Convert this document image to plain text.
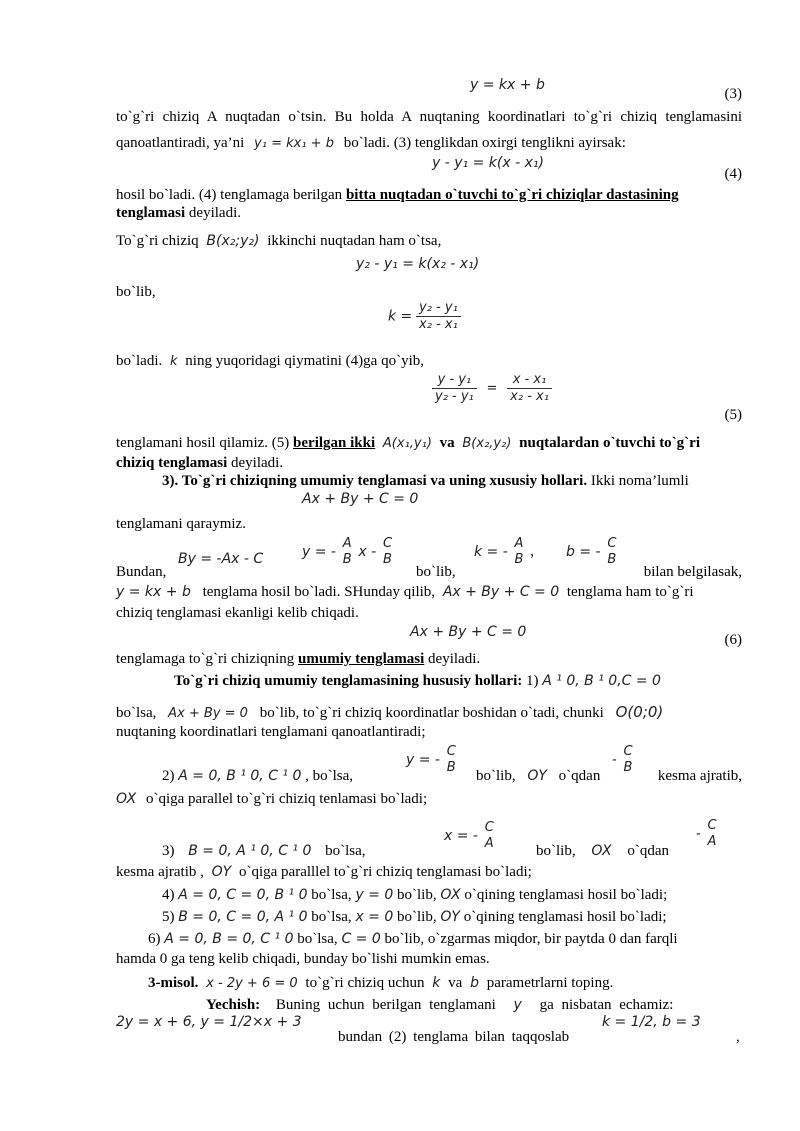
y = kx + b
(3)
to`g`ri chiziq A nuqtadan o`tsin. Bu holda A nuqtaning koordinatlari to`g`ri chiziq tenglamasini
qanoatlantiradi, ya’ni y₁ = kx₁ + b bo`ladi. (3) tenglikdan oxirgi tenglikni ayirsak:
y - y₁ = k(x - x₁)
(4)
hosil bo`ladi. (4) tenglamaga berilgan bitta nuqtadan o`tuvchi to`g`ri chiziqlar dastasining
tenglamasi deyiladi.
To`g`ri chiziq B(x₂;y₂) ikkinchi nuqtadan ham o`tsa,
y₂ - y₁ = k(x₂ - x₁)
bo`lib,
$k = \frac{\text{y₂ - y₁}}{\text{x₂ - x₁}}$
bo`ladi. k ning yuqoridagi qiymatini (4)ga qo`yib,
$\frac{\text{y - y₁}}{\text{y₂ - y₁}} = \frac{\text{x - x₁}}{\text{x₂ - x₁}}$
(5)
tenglamani hosil qilamiz. (5) berilgan ikki A(x₁,y₁) va B(x₂,y₂) nuqtalardan o`tuvchi to`g`ri
chiziq tenglamasi deyiladi.
3). To`g`ri chiziqning umumiy tenglamasi va uning xususiy hollari. Ikki noma’lumli
Ax + By + C = 0
tenglamani qaraymiz.
Bundan,
By = -Ax - C	y = -
A
B x -
C
B
bo`lib,
k = -
A
B , b = -
C
B
bilan belgilasak,
y = kx + b tenglama hosil bo`ladi. SHunday qilib, Ax + By + C = 0 tenglama ham to`g`ri
chiziq tenglamasi ekanligi kelib chiqadi.
Ax + By + C = 0	(6)
tenglamaga to`g`ri chiziqning umumiy tenglamasi deyiladi.
To`g`ri chiziq umumiy tenglamasining hususiy hollari: 1) A ¹ 0, B ¹ 0,C = 0
bo`lsa, Ax + By = 0 bo`lib, to`g`ri chiziq koordinatlar boshidan o`tadi, chunki O(0;0)
nuqtaning koordinatlari tenglamani qanoatlantiradi;
2) A = 0, B ¹ 0, C ¹ 0 , bo`lsa,
y = -
C
B
bo`lib, OY o`qdan
-
C
B
kesma ajratib,
OX o`qiga parallel to`g`ri chiziq tenlamasi bo`ladi;
3) B = 0, A ¹ 0, C ¹ 0 bo`lsa,
x = -
C
A	bo`lib, OX o`qdan
-
C
A
kesma ajratib , OY o`qiga paralllel to`g`ri chiziq tenglamasi bo`ladi;
4) A = 0, C = 0, B ¹ 0 bo`lsa, y = 0 bo`lib, OX o`qining tenglamasi hosil bo`ladi;
5) B = 0, C = 0, A ¹ 0 bo`lsa, x = 0 bo`lib, OY o`qining tenglamasi hosil bo`ladi;
6) A = 0, B = 0, C ¹ 0 bo`lsa, C = 0 bo`lib, o`zgarmas miqdor, bir paytda 0 dan farqli
hamda 0 ga teng kelib chiqadi, bunday bo`lishi mumkin emas.
3-misol. x - 2y + 6 = 0 to`g`ri chiziq uchun k va b parametrlarni toping.
Yechish: Buning uchun berilgan tenglamani y ga nisbatan echamiz:
2y = x + 6, y = 1/2×x + 3
bundan (2) tenglama bilan taqqoslab
k = 1/2, b = 3
,
